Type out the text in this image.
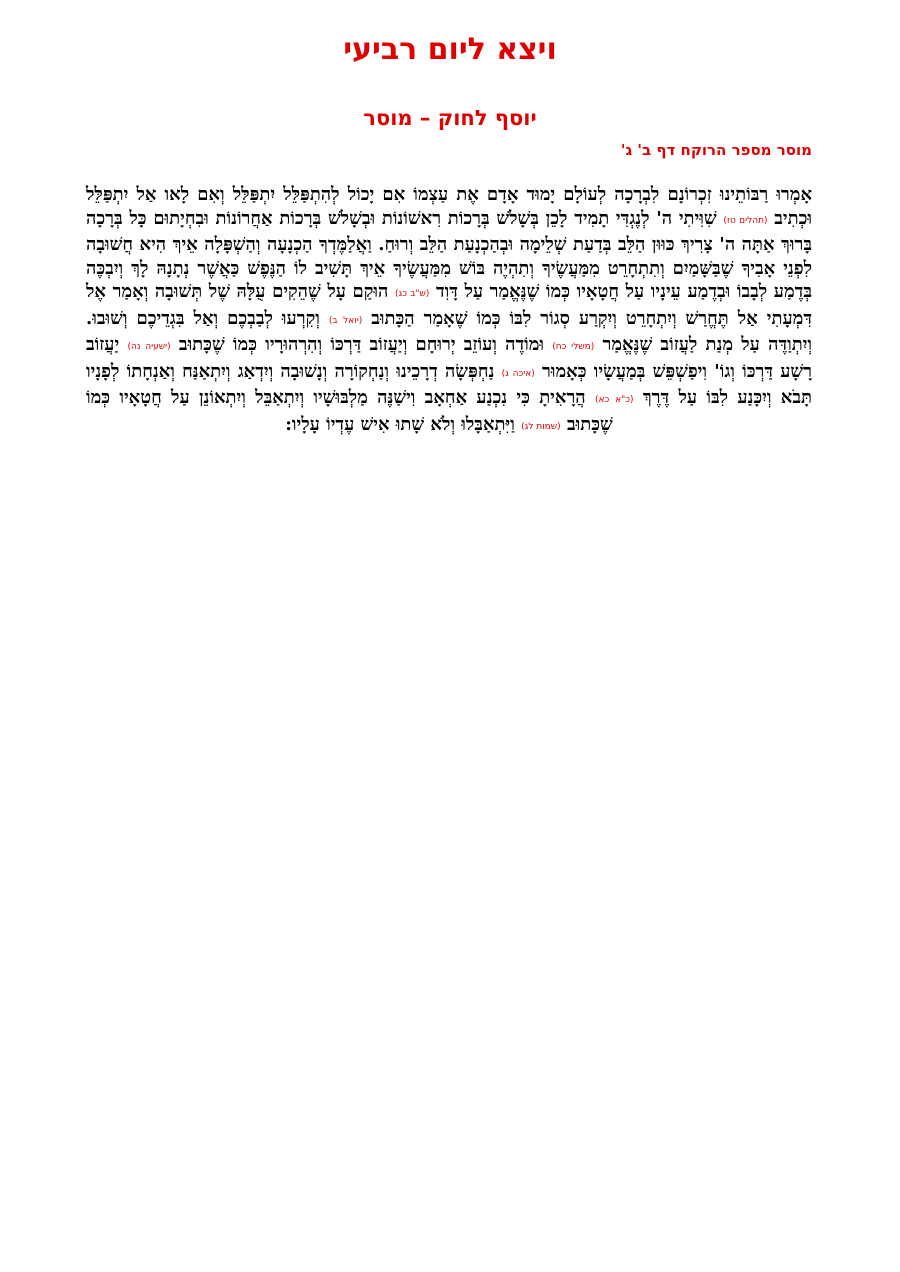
ויצא ליום רביעי
יוסף לחוק – מוסר
מוסר מספר הרוקח דף ב' ג'

אָמְרוּ רַבּוֹתֵינוּ זִכְרוֹנָם לִבְרָכָה לְעוֹלָם יָמוּד אָדָם אֶת עַצְמוֹ אִם יָכוֹל לְהִתְפַּלֵּל יִתְפַּלֵּל וְאִם לָאו אַל יִתְפַּלֵּל וּכְתִיב (תהלים טז) שִׁוִּיתִי ה' לְנֶגְדִּי תָמִיד לָכֵן בְּשָׁלֹשׁ בְּרָכוֹת רִאשׁוֹנוֹת וּבְשָׁלֹשׁ בְּרָכוֹת אַחֲרוֹנוֹת וּבִחְיָתוּם כָּל בְּרָכָה בָּרוּךְ אַתָּה ה' צָרִיךְ כּוּוּן הַלֵּב בְּדַעַת שְׁלֵימָה וּבְהַכְנָעַת הַלֵּב וְרוּחַ. וַאֲלַמֶּדְךָ הַכְנָעָה וְהַשְׁפָּלָה אֵיךְ הִיא חֲשׁוּבָה לִפְנֵי אָבִיךָ שֶׁבַּשָּׁמַיִם וְתִתְחָרֵט מִמַּעֲשֶׂיךָ וְתִהְיֶה בּוֹשׁ מִמַּעֲשֶׂיךָ אֵיךְ תָּשִׁיב לוֹ הַנֶּפֶשׁ כַּאֲשֶׁר נְתָנָהּ לָךְ וְיִבְכֶּה בְּדֶמַע לְבָבוֹ וּבְדֶמַע עֵינָיו עַל חֲטָאָיו כְּמוֹ שֶׁנֶּאֱמַר עַל דָּוִד (ש"ב כג) הוּקַם עָל שֶׁהֵקִים עֻלָּהּ שֶׁל תְּשׁוּבָה וְאָמַר אֶל דִּמְעָתִי אַל תֶּחֱרַשׁ וְיִתְחָרֵט וְיִקְרַע סְגוֹר לִבּוֹ כְּמוֹ שֶׁאָמַר הַכָּתוּב (יואל ב) וְקִרְעוּ לְבַבְכֶם וְאַל בִּגְדֵיכֶם וְשׁוּבוּ. וְיִתְוַדֶּה עַל מְנַת לַעֲזוֹב שֶׁנֶּאֱמַר (משלי כח) וּמוֹדֶה וְעוֹזֵב יְרוּחָם וְיַעֲזוֹב דַּרְכּוֹ וְהִרְהוּרָיו כְּמוֹ שֶׁכָּתוּב (ישעיה נה) יַעֲזוֹב רָשָׁע דַּרְכּוֹ וְגוֹ' וִיפַשְׁפֵּשׁ בְּמַעֲשָׂיו כְּאָמוּר (איכה ג) נַחְפְּשָׂה דְרָכֵינוּ וְנַחְקוֹרָה וְנָשׁוּבָה וְיִדְאַג וְיִתְאַנַּח וְאַנְחָתוֹ לְפָנָיו תָּבֹא וְיִכָּנַע לִבּוֹ עַל דֶּרֶךְ (כ"א כא) הֲרָאִיתָ כִּי נִכְנַע אַחְאָב וִישַׁנֶּה מַלְבּוּשָׁיו וְיִתְאַבֵּל וְיִתְאוֹנֵן עַל חֲטָאָיו כְּמוֹ שֶׁכָּתוּב (שמות לג) וַיִּתְאַבָּלוּ וְלֹא שָׁתוּ אִישׁ עֶדְיוֹ עָלָיו:
